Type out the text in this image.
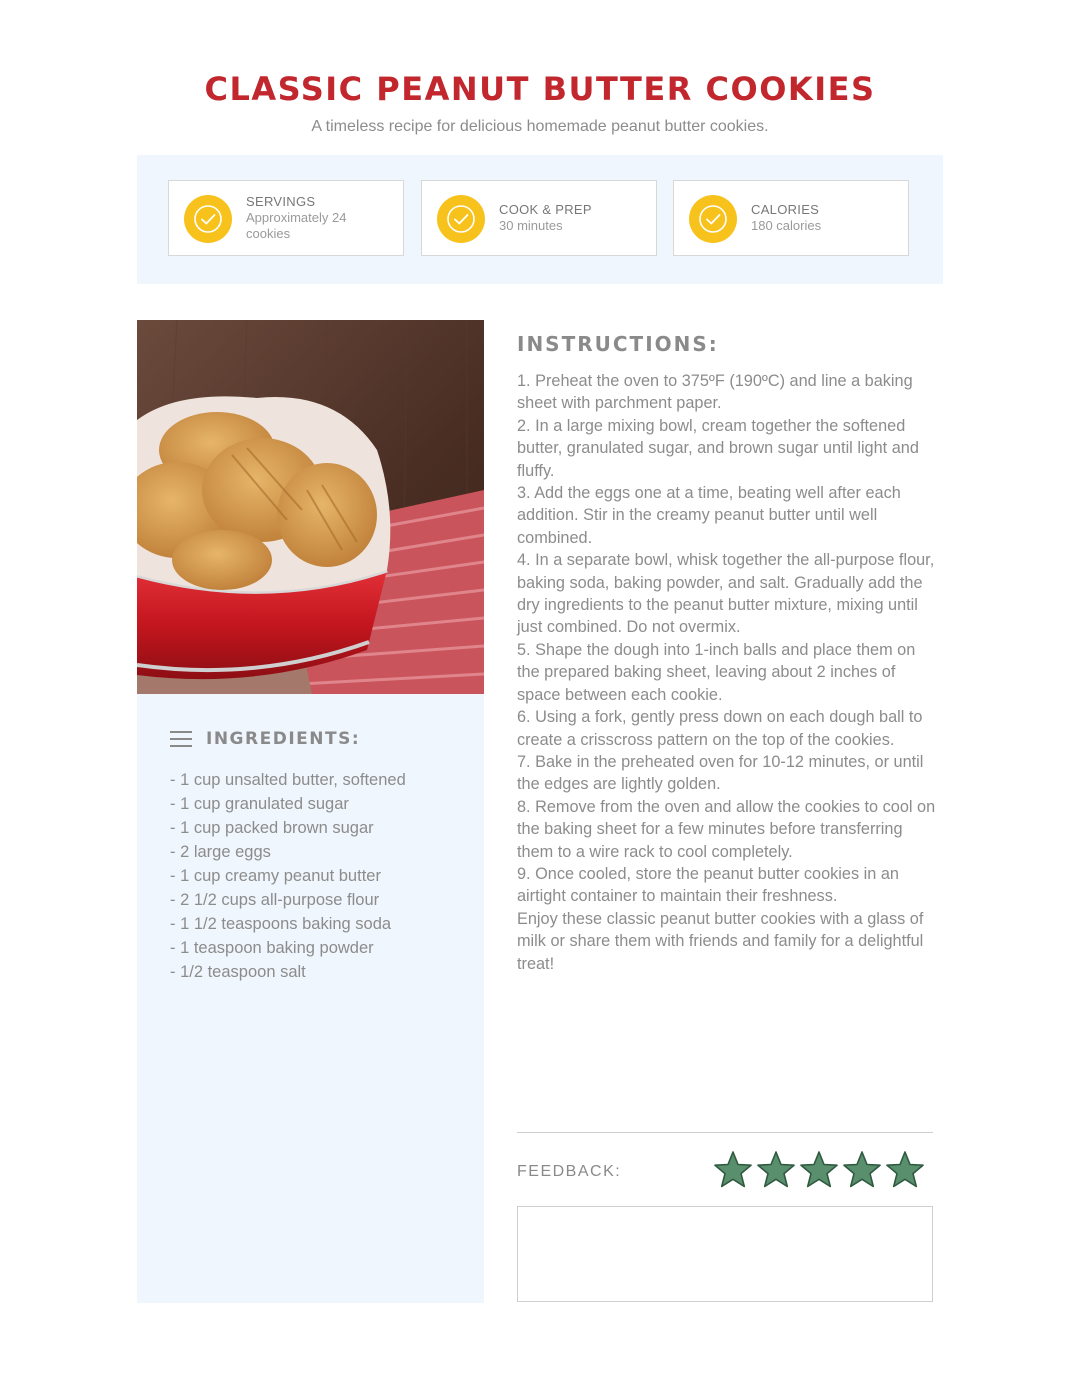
CLASSIC PEANUT BUTTER COOKIES

A timeless recipe for delicious homemade peanut butter cookies.

SERVINGS
Approximately 24 cookies
COOK & PREP
30 minutes
CALORIES
180 calories
INGREDIENTS:
- 1 cup unsalted butter, softened
- 1 cup granulated sugar
- 1 cup packed brown sugar
- 2 large eggs
- 1 cup creamy peanut butter
- 2 1/2 cups all-purpose flour
- 1 1/2 teaspoons baking soda
- 1 teaspoon baking powder
- 1/2 teaspoon salt
INSTRUCTIONS:

1. Preheat the oven to 375ºF (190ºC) and line a baking sheet with parchment paper.

2. In a large mixing bowl, cream together the softened butter, granulated sugar, and brown sugar until light and fluffy.

3. Add the eggs one at a time, beating well after each addition. Stir in the creamy peanut butter until well combined.

4. In a separate bowl, whisk together the all-purpose flour, baking soda, baking powder, and salt. Gradually add the dry ingredients to the peanut butter mixture, mixing until just combined. Do not overmix.

5. Shape the dough into 1-inch balls and place them on the prepared baking sheet, leaving about 2 inches of space between each cookie.

6. Using a fork, gently press down on each dough ball to create a crisscross pattern on the top of the cookies.

7. Bake in the preheated oven for 10-12 minutes, or until the edges are lightly golden.

8. Remove from the oven and allow the cookies to cool on the baking sheet for a few minutes before transferring them to a wire rack to cool completely.

9. Once cooled, store the peanut butter cookies in an airtight container to maintain their freshness.

Enjoy these classic peanut butter cookies with a glass of milk or share them with friends and family for a delightful treat!

FEEDBACK:
